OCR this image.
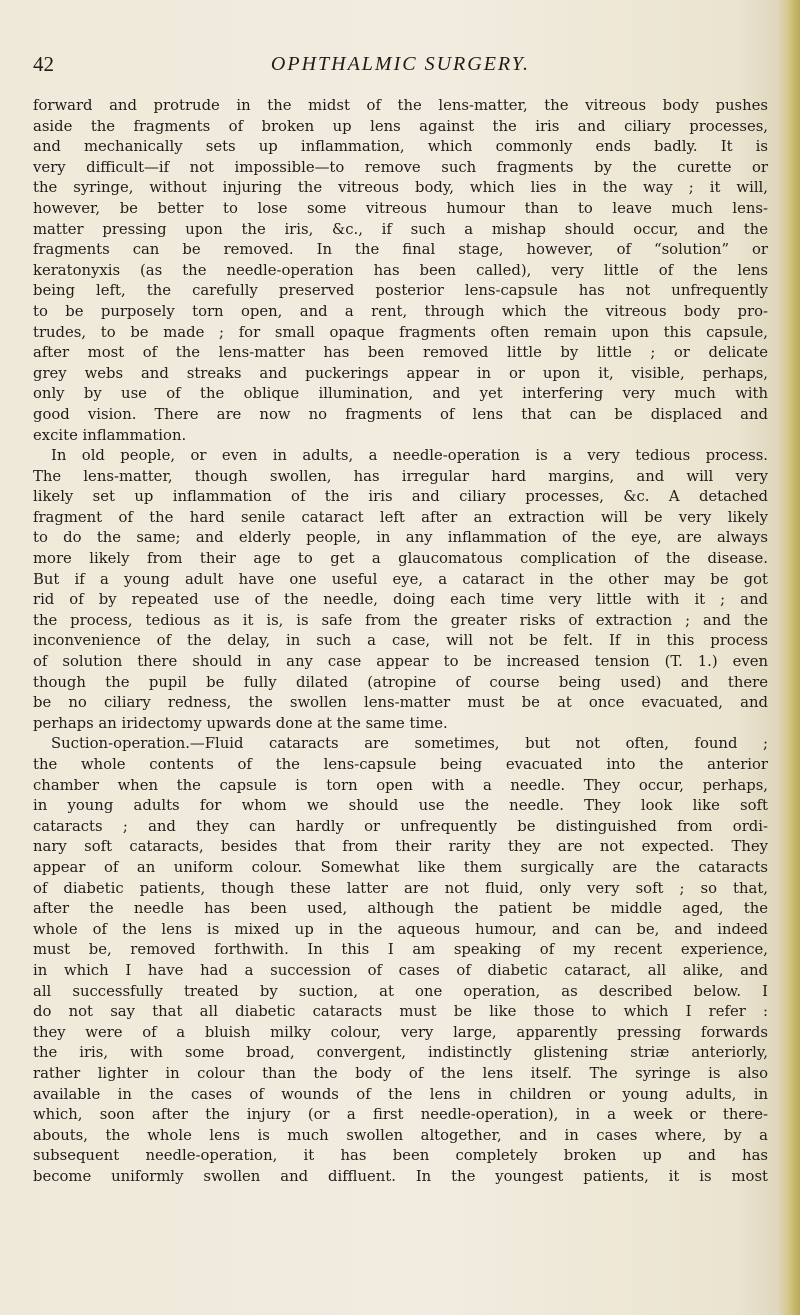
42	OPHTHALMIC SURGERY.
forward and protrude in the midst of the lens-matter, the vitreous body pushes
aside the fragments of broken up lens against the iris and ciliary processes,
and mechanically sets up inflammation, which commonly ends badly. It is
very difficult—if not impossible—to remove such fragments by the curette or
the syringe, without injuring the vitreous body, which lies in the way ; it will,
however, be better to lose some vitreous humour than to leave much lens-
matter pressing upon the iris, &c., if such a mishap should occur, and the
fragments can be removed. In the final stage, however, of “solution” or
keratonyxis (as the needle-operation has been called), very little of the lens
being left, the carefully preserved posterior lens-capsule has not unfrequently
to be purposely torn open, and a rent, through which the vitreous body pro-
trudes, to be made ; for small opaque fragments often remain upon this capsule,
after most of the lens-matter has been removed little by little ; or delicate
grey webs and streaks and puckerings appear in or upon it, visible, perhaps,
only by use of the oblique illumination, and yet interfering very much with
good vision. There are now no fragments of lens that can be displaced and
excite inflammation.
In old people, or even in adults, a needle-operation is a very tedious process.
The lens-matter, though swollen, has irregular hard margins, and will very
likely set up inflammation of the iris and ciliary processes, &c. A detached
fragment of the hard senile cataract left after an extraction will be very likely
to do the same; and elderly people, in any inflammation of the eye, are always
more likely from their age to get a glaucomatous complication of the disease.
But if a young adult have one useful eye, a cataract in the other may be got
rid of by repeated use of the needle, doing each time very little with it ; and
the process, tedious as it is, is safe from the greater risks of extraction ; and the
inconvenience of the delay, in such a case, will not be felt. If in this process
of solution there should in any case appear to be increased tension (T. 1.) even
though the pupil be fully dilated (atropine of course being used) and there
be no ciliary redness, the swollen lens-matter must be at once evacuated, and
perhaps an iridectomy upwards done at the same time.
Suction-operation.—Fluid cataracts are sometimes, but not often, found ;
the whole contents of the lens-capsule being evacuated into the anterior
chamber when the capsule is torn open with a needle. They occur, perhaps,
in young adults for whom we should use the needle. They look like soft
cataracts ; and they can hardly or unfrequently be distinguished from ordi-
nary soft cataracts, besides that from their rarity they are not expected. They
appear of an uniform colour. Somewhat like them surgically are the cataracts
of diabetic patients, though these latter are not fluid, only very soft ; so that,
after the needle has been used, although the patient be middle aged, the
whole of the lens is mixed up in the aqueous humour, and can be, and indeed
must be, removed forthwith. In this I am speaking of my recent experience,
in which I have had a succession of cases of diabetic cataract, all alike, and
all successfully treated by suction, at one operation, as described below. I
do not say that all diabetic cataracts must be like those to which I refer :
they were of a bluish milky colour, very large, apparently pressing forwards
the iris, with some broad, convergent, indistinctly glistening striæ anteriorly,
rather lighter in colour than the body of the lens itself. The syringe is also
available in the cases of wounds of the lens in children or young adults, in
which, soon after the injury (or a first needle-operation), in a week or there-
abouts, the whole lens is much swollen altogether, and in cases where, by a
subsequent needle-operation, it has been completely broken up and has
become uniformly swollen and diffluent. In the youngest patients, it is most
